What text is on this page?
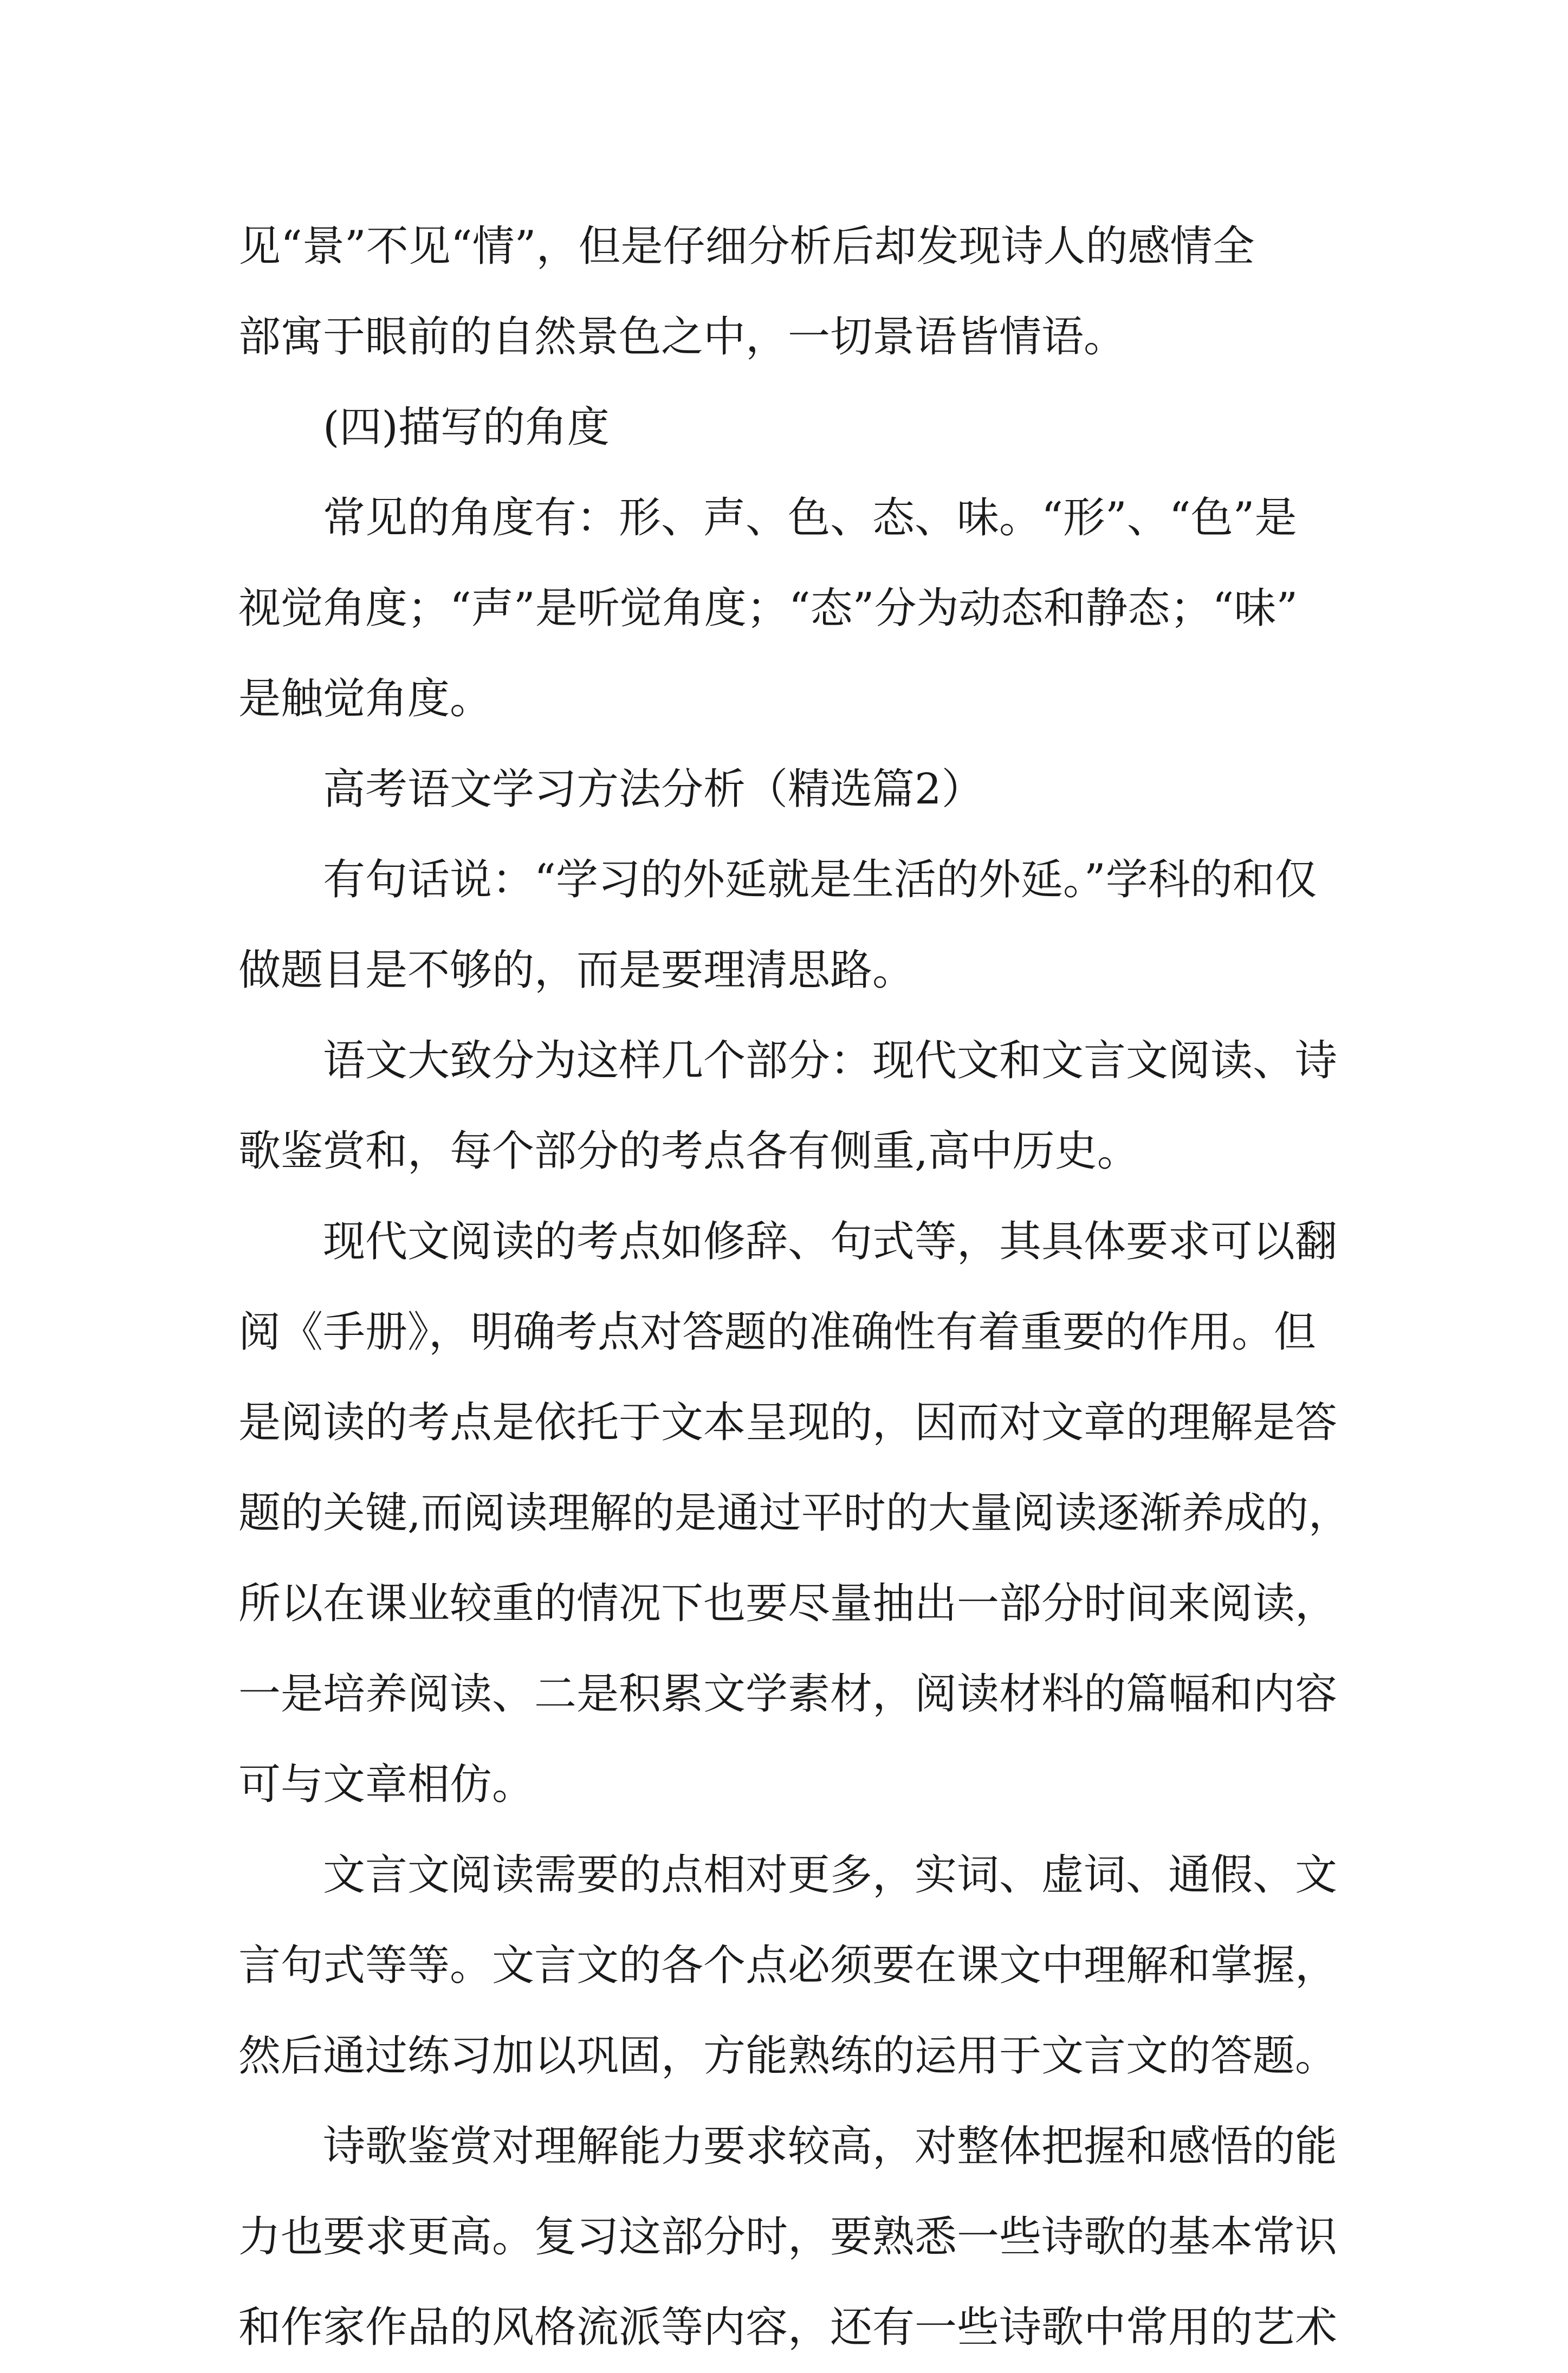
见“景”不见“情”，但是仔细分析后却发现诗人的感情全
部寓于眼前的自然景色之中，一切景语皆情语。

　　(四)描写的角度

　　常见的角度有：形、声、色、态、味。“形”、“色”是
视觉角度；“声”是听觉角度；“态”分为动态和静态；“味”
是触觉角度。

　　高考语文学习方法分析（精选篇2）

　　有句话说：“学习的外延就是生活的外延。”学科的和仅
做题目是不够的，而是要理清思路。

　　语文大致分为这样几个部分：现代文和文言文阅读、诗
歌鉴赏和，每个部分的考点各有侧重,高中历史。

　　现代文阅读的考点如修辞、句式等，其具体要求可以翻
阅《手册》，明确考点对答题的准确性有着重要的作用。但
是阅读的考点是依托于文本呈现的，因而对文章的理解是答
题的关键,而阅读理解的是通过平时的大量阅读逐渐养成的，
所以在课业较重的情况下也要尽量抽出一部分时间来阅读，
一是培养阅读、二是积累文学素材，阅读材料的篇幅和内容
可与文章相仿。

　　文言文阅读需要的点相对更多，实词、虚词、通假、文
言句式等等。文言文的各个点必须要在课文中理解和掌握，
然后通过练习加以巩固，方能熟练的运用于文言文的答题。

　　诗歌鉴赏对理解能力要求较高，对整体把握和感悟的能
力也要求更高。复习这部分时，要熟悉一些诗歌的基本常识
和作家作品的风格流派等内容，还有一些诗歌中常用的艺术
